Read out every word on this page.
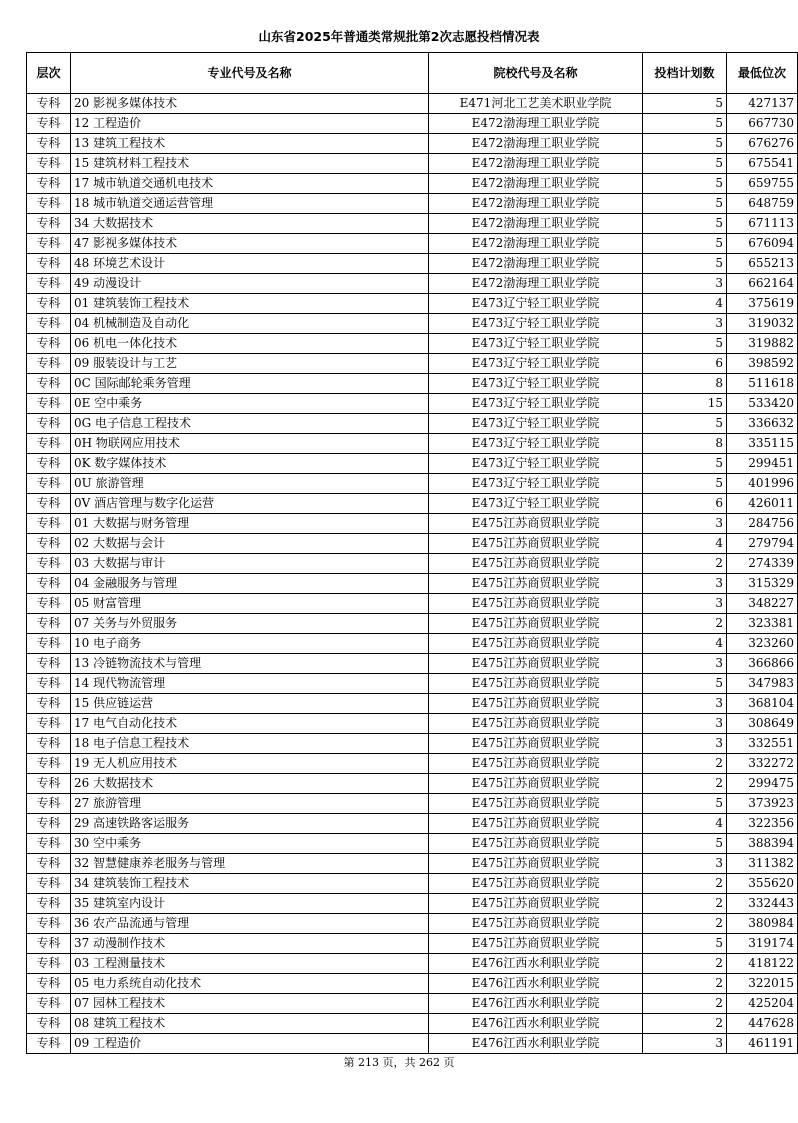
山东省2025年普通类常规批第2次志愿投档情况表
层次	专业代号及名称	院校代号及名称	投档计划数	最低位次
专科	20 影视多媒体技术	E471河北工艺美术职业学院	5	427137
专科	12 工程造价	E472渤海理工职业学院	5	667730
专科	13 建筑工程技术	E472渤海理工职业学院	5	676276
专科	15 建筑材料工程技术	E472渤海理工职业学院	5	675541
专科	17 城市轨道交通机电技术	E472渤海理工职业学院	5	659755
专科	18 城市轨道交通运营管理	E472渤海理工职业学院	5	648759
专科	34 大数据技术	E472渤海理工职业学院	5	671113
专科	47 影视多媒体技术	E472渤海理工职业学院	5	676094
专科	48 环境艺术设计	E472渤海理工职业学院	5	655213
专科	49 动漫设计	E472渤海理工职业学院	3	662164
专科	01 建筑装饰工程技术	E473辽宁轻工职业学院	4	375619
专科	04 机械制造及自动化	E473辽宁轻工职业学院	3	319032
专科	06 机电一体化技术	E473辽宁轻工职业学院	5	319882
专科	09 服装设计与工艺	E473辽宁轻工职业学院	6	398592
专科	0C 国际邮轮乘务管理	E473辽宁轻工职业学院	8	511618
专科	0E 空中乘务	E473辽宁轻工职业学院	15	533420
专科	0G 电子信息工程技术	E473辽宁轻工职业学院	5	336632
专科	0H 物联网应用技术	E473辽宁轻工职业学院	8	335115
专科	0K 数字媒体技术	E473辽宁轻工职业学院	5	299451
专科	0U 旅游管理	E473辽宁轻工职业学院	5	401996
专科	0V 酒店管理与数字化运营	E473辽宁轻工职业学院	6	426011
专科	01 大数据与财务管理	E475江苏商贸职业学院	3	284756
专科	02 大数据与会计	E475江苏商贸职业学院	4	279794
专科	03 大数据与审计	E475江苏商贸职业学院	2	274339
专科	04 金融服务与管理	E475江苏商贸职业学院	3	315329
专科	05 财富管理	E475江苏商贸职业学院	3	348227
专科	07 关务与外贸服务	E475江苏商贸职业学院	2	323381
专科	10 电子商务	E475江苏商贸职业学院	4	323260
专科	13 冷链物流技术与管理	E475江苏商贸职业学院	3	366866
专科	14 现代物流管理	E475江苏商贸职业学院	5	347983
专科	15 供应链运营	E475江苏商贸职业学院	3	368104
专科	17 电气自动化技术	E475江苏商贸职业学院	3	308649
专科	18 电子信息工程技术	E475江苏商贸职业学院	3	332551
专科	19 无人机应用技术	E475江苏商贸职业学院	2	332272
专科	26 大数据技术	E475江苏商贸职业学院	2	299475
专科	27 旅游管理	E475江苏商贸职业学院	5	373923
专科	29 高速铁路客运服务	E475江苏商贸职业学院	4	322356
专科	30 空中乘务	E475江苏商贸职业学院	5	388394
专科	32 智慧健康养老服务与管理	E475江苏商贸职业学院	3	311382
专科	34 建筑装饰工程技术	E475江苏商贸职业学院	2	355620
专科	35 建筑室内设计	E475江苏商贸职业学院	2	332443
专科	36 农产品流通与管理	E475江苏商贸职业学院	2	380984
专科	37 动漫制作技术	E475江苏商贸职业学院	5	319174
专科	03 工程测量技术	E476江西水利职业学院	2	418122
专科	05 电力系统自动化技术	E476江西水利职业学院	2	322015
专科	07 园林工程技术	E476江西水利职业学院	2	425204
专科	08 建筑工程技术	E476江西水利职业学院	2	447628
专科	09 工程造价	E476江西水利职业学院	3	461191
第 213 页，共 262 页
